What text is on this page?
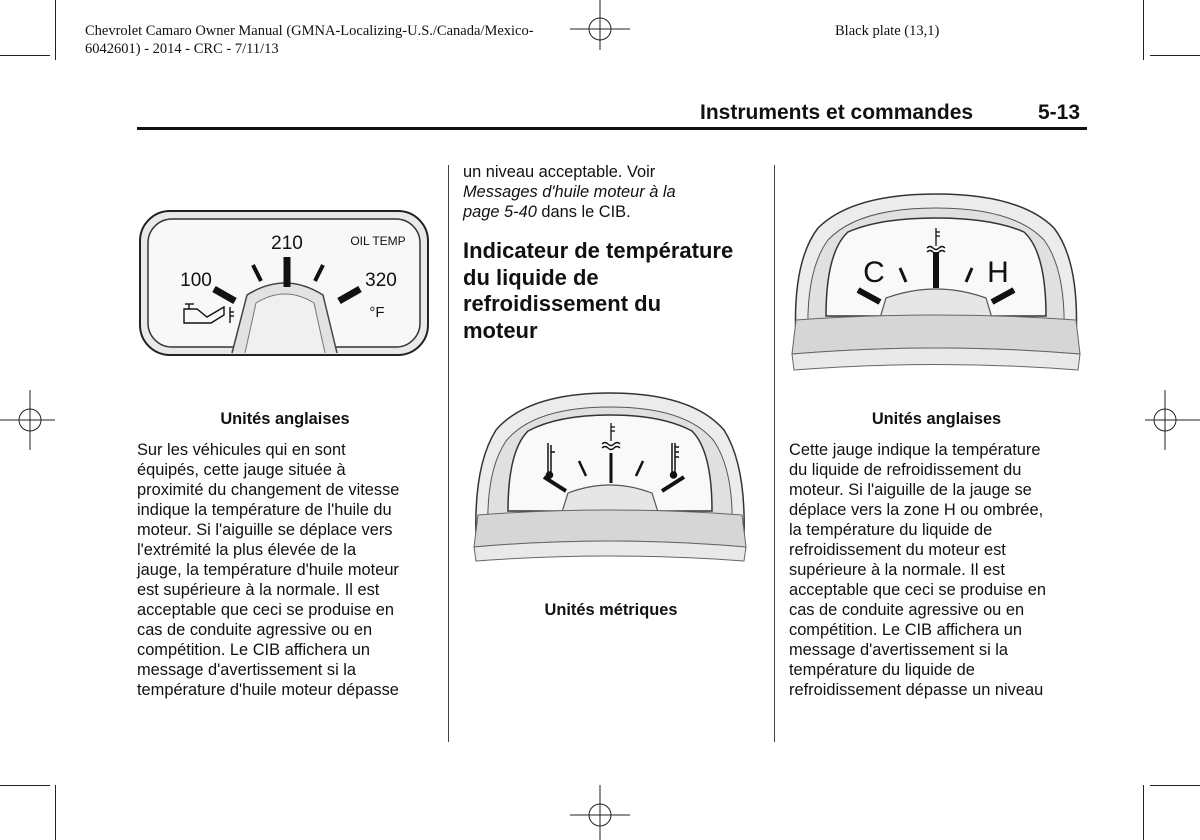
Chevrolet Camaro Owner Manual (GMNA-Localizing-U.S./Canada/Mexico-
6042601) - 2014 - CRC - 7/11/13
Black plate (13,1)
Instruments et commandes	5-13
210
100	320
OIL TEMP
°F
Unités anglaises
Sur les véhicules qui en sont
équipés, cette jauge située à
proximité du changement de vitesse
indique la température de l'huile du
moteur. Si l'aiguille se déplace vers
l'extrémité la plus élevée de la
jauge, la température d'huile moteur
est supérieure à la normale. Il est
acceptable que ceci se produise en
cas de conduite agressive ou en
compétition. Le CIB affichera un
message d'avertissement si la
température d'huile moteur dépasse
un niveau acceptable. Voir
Messages d'huile moteur à la
page 5-40 dans le CIB.
Indicateur de température
du liquide de
refroidissement du
moteur
Unités métriques
C	H
Unités anglaises
Cette jauge indique la température
du liquide de refroidissement du
moteur. Si l'aiguille de la jauge se
déplace vers la zone H ou ombrée,
la température du liquide de
refroidissement du moteur est
supérieure à la normale. Il est
acceptable que ceci se produise en
cas de conduite agressive ou en
compétition. Le CIB affichera un
message d'avertissement si la
température du liquide de
refroidissement dépasse un niveau
